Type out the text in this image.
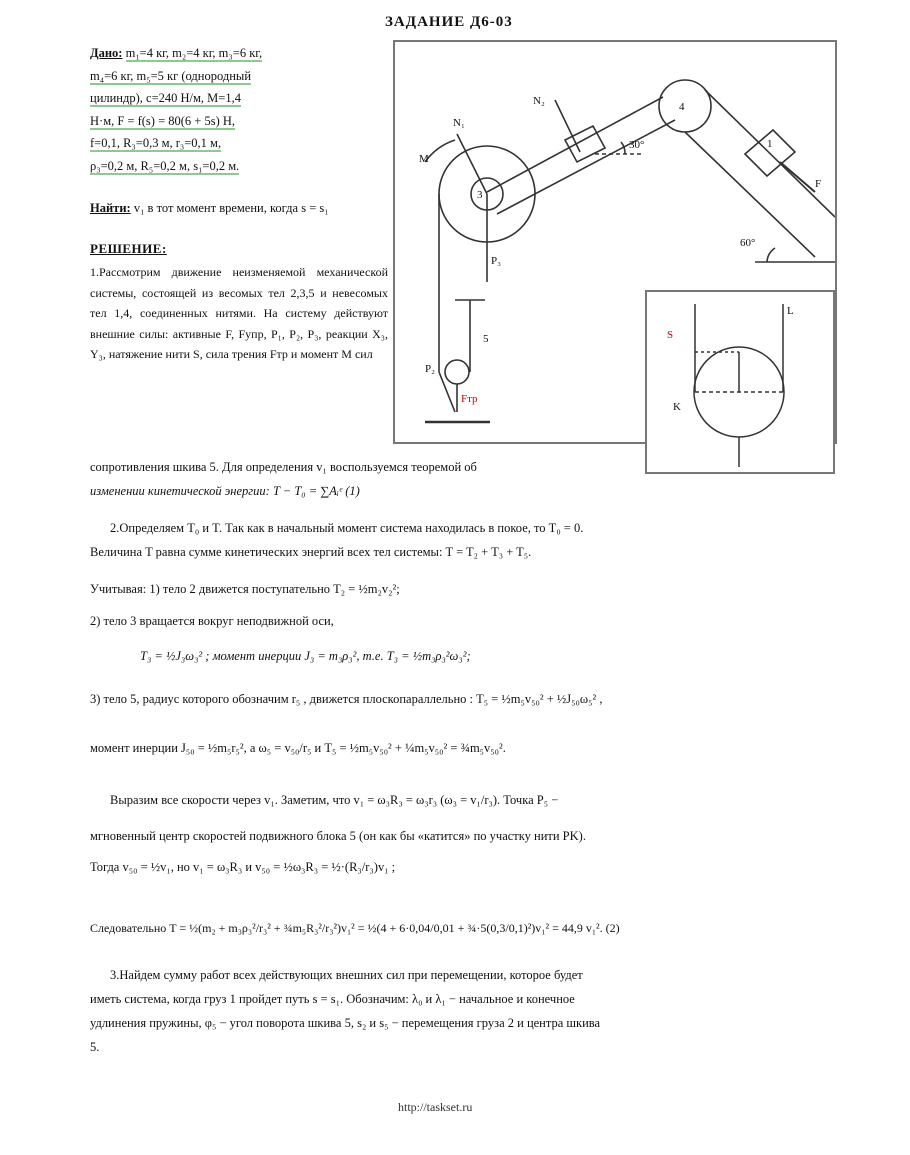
ЗАДАНИЕ Д6-03
Дано: m₁=4 кг, m₂=4 кг, m₃=6 кг,
m₄=6 кг, m₅=5 кг (однородный
цилиндр), c=240 Н/м, M=1,4
Н·м, F = f(s) = 80(6 + 5s) Н,
f=0,1, R₃=0,3 м, r₃=0,1 м,
ρ₃=0,2 м, R₅=0,2 м, s₁=0,2 м.
Найти: v₁ в тот момент времени, когда s = s₁
РЕШЕНИЕ:
1.Рассмотрим движение неизменяемой механической системы, состоящей из весомых тел 2,3,5 и невесомых тел 1,4, соединенных нитями. На систему действуют внешние силы: активные F, Fупр, P₁, P₂, P₃, реакции X₃, Y₃, натяжение нити S, сила трения Fтр и момент M сил
N₁
M
3
P₃
N₂
30°
4
1
F
60°
5
P₂
Fтр
S
L
K
сопротивления шкива 5. Для определения v₁ воспользуемся теоремой об
изменении кинетической энергии: T − T₀ = ∑Aᵢᵉ (1)
2.Определяем T₀ и T. Так как в начальный момент система находилась в покое, то T₀ = 0.
Величина T равна сумме кинетических энергий всех тел системы: T = T₂ + T₃ + T₅.
Учитывая: 1) тело 2 движется поступательно T₂ = ½m₂v₂²;
2) тело 3 вращается вокруг неподвижной оси,
T₃ = ½J₃ω₃² ; момент инерции J₃ = m₃ρ₃², т.е. T₃ = ½m₃ρ₃²ω₃²;
3) тело 5, радиус которого обозначим r₅ , движется плоскопараллельно : T₅ = ½m₅v₅₀² + ½J₅₀ω₅² ,
момент инерции J₅₀ = ½m₅r₅², а ω₅ = v₅₀/r₅ и T₅ = ½m₅v₅₀² + ¼m₅v₅₀² = ¾m₅v₅₀².
Выразим все скорости через v₁. Заметим, что v₁ = ω₃R₃ = ω₃r₃ (ω₃ = v₁/r₃). Точка P₅ −
мгновенный центр скоростей подвижного блока 5 (он как бы «катится» по участку нити PK).
Тогда v₅₀ = ½v₁, но v₁ = ω₃R₃ и v₅₀ = ½ω₃R₃ = ½·(R₃/r₃)v₁ ;
Следовательно T = ½(m₂ + m₃ρ₃²/r₃² + ¾m₅R₃²/r₃²)v₁² = ½(4 + 6·0,04/0,01 + ¾·5(0,3/0,1)²)v₁² = 44,9 v₁². (2)
3.Найдем сумму работ всех действующих внешних сил при перемещении, которое будет
иметь система, когда груз 1 пройдет путь s = s₁. Обозначим: λ₀ и λ₁ − начальное и конечное
удлинения пружины, φ₅ − угол поворота шкива 5, s₂ и s₅ − перемещения груза 2 и центра шкива
5.
http://taskset.ru
